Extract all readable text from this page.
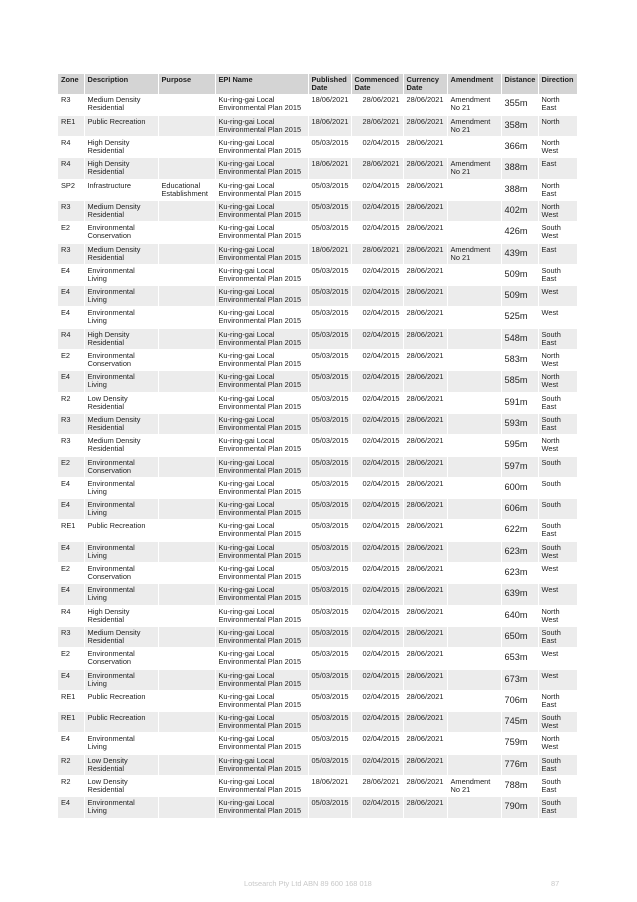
Zone	Description	Purpose	EPI Name	Published Date	Commenced Date	Currency Date	Amendment	Distance	Direction
R3	Medium Density Residential		Ku-ring-gai Local Environmental Plan 2015	18/06/2021	28/06/2021	28/06/2021	Amendment No 21	355m	North East
RE1	Public Recreation		Ku-ring-gai Local Environmental Plan 2015	18/06/2021	28/06/2021	28/06/2021	Amendment No 21	358m	North
R4	High Density Residential		Ku-ring-gai Local Environmental Plan 2015	05/03/2015	02/04/2015	28/06/2021		366m	North West
R4	High Density Residential		Ku-ring-gai Local Environmental Plan 2015	18/06/2021	28/06/2021	28/06/2021	Amendment No 21	388m	East
SP2	Infrastructure	Educational Establishment	Ku-ring-gai Local Environmental Plan 2015	05/03/2015	02/04/2015	28/06/2021		388m	North East
R3	Medium Density Residential		Ku-ring-gai Local Environmental Plan 2015	05/03/2015	02/04/2015	28/06/2021		402m	North West
E2	Environmental Conservation		Ku-ring-gai Local Environmental Plan 2015	05/03/2015	02/04/2015	28/06/2021		426m	South West
R3	Medium Density Residential		Ku-ring-gai Local Environmental Plan 2015	18/06/2021	28/06/2021	28/06/2021	Amendment No 21	439m	East
E4	Environmental Living		Ku-ring-gai Local Environmental Plan 2015	05/03/2015	02/04/2015	28/06/2021		509m	South East
E4	Environmental Living		Ku-ring-gai Local Environmental Plan 2015	05/03/2015	02/04/2015	28/06/2021		509m	West
E4	Environmental Living		Ku-ring-gai Local Environmental Plan 2015	05/03/2015	02/04/2015	28/06/2021		525m	West
R4	High Density Residential		Ku-ring-gai Local Environmental Plan 2015	05/03/2015	02/04/2015	28/06/2021		548m	South East
E2	Environmental Conservation		Ku-ring-gai Local Environmental Plan 2015	05/03/2015	02/04/2015	28/06/2021		583m	North West
E4	Environmental Living		Ku-ring-gai Local Environmental Plan 2015	05/03/2015	02/04/2015	28/06/2021		585m	North West
R2	Low Density Residential		Ku-ring-gai Local Environmental Plan 2015	05/03/2015	02/04/2015	28/06/2021		591m	South East
R3	Medium Density Residential		Ku-ring-gai Local Environmental Plan 2015	05/03/2015	02/04/2015	28/06/2021		593m	South East
R3	Medium Density Residential		Ku-ring-gai Local Environmental Plan 2015	05/03/2015	02/04/2015	28/06/2021		595m	North West
E2	Environmental Conservation		Ku-ring-gai Local Environmental Plan 2015	05/03/2015	02/04/2015	28/06/2021		597m	South
E4	Environmental Living		Ku-ring-gai Local Environmental Plan 2015	05/03/2015	02/04/2015	28/06/2021		600m	South
E4	Environmental Living		Ku-ring-gai Local Environmental Plan 2015	05/03/2015	02/04/2015	28/06/2021		606m	South
RE1	Public Recreation		Ku-ring-gai Local Environmental Plan 2015	05/03/2015	02/04/2015	28/06/2021		622m	South East
E4	Environmental Living		Ku-ring-gai Local Environmental Plan 2015	05/03/2015	02/04/2015	28/06/2021		623m	South West
E2	Environmental Conservation		Ku-ring-gai Local Environmental Plan 2015	05/03/2015	02/04/2015	28/06/2021		623m	West
E4	Environmental Living		Ku-ring-gai Local Environmental Plan 2015	05/03/2015	02/04/2015	28/06/2021		639m	West
R4	High Density Residential		Ku-ring-gai Local Environmental Plan 2015	05/03/2015	02/04/2015	28/06/2021		640m	North West
R3	Medium Density Residential		Ku-ring-gai Local Environmental Plan 2015	05/03/2015	02/04/2015	28/06/2021		650m	South East
E2	Environmental Conservation		Ku-ring-gai Local Environmental Plan 2015	05/03/2015	02/04/2015	28/06/2021		653m	West
E4	Environmental Living		Ku-ring-gai Local Environmental Plan 2015	05/03/2015	02/04/2015	28/06/2021		673m	West
RE1	Public Recreation		Ku-ring-gai Local Environmental Plan 2015	05/03/2015	02/04/2015	28/06/2021		706m	North East
RE1	Public Recreation		Ku-ring-gai Local Environmental Plan 2015	05/03/2015	02/04/2015	28/06/2021		745m	South West
E4	Environmental Living		Ku-ring-gai Local Environmental Plan 2015	05/03/2015	02/04/2015	28/06/2021		759m	North West
R2	Low Density Residential		Ku-ring-gai Local Environmental Plan 2015	05/03/2015	02/04/2015	28/06/2021		776m	South East
R2	Low Density Residential		Ku-ring-gai Local Environmental Plan 2015	18/06/2021	28/06/2021	28/06/2021	Amendment No 21	788m	South East
E4	Environmental Living		Ku-ring-gai Local Environmental Plan 2015	05/03/2015	02/04/2015	28/06/2021		790m	South East
Lotsearch Pty Ltd ABN 89 600 168 018	87
